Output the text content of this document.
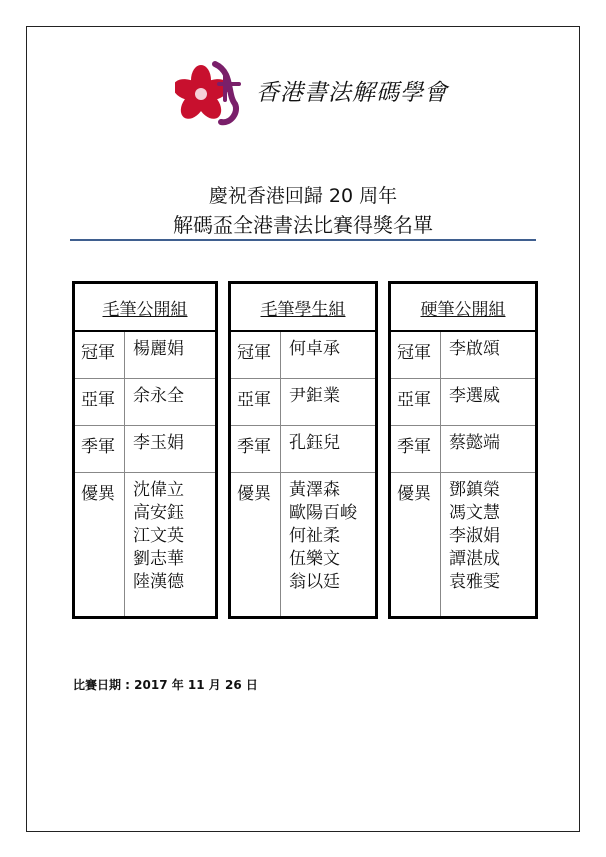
香港書法解碼學會
慶祝香港回歸 20 周年
解碼盃全港書法比賽得獎名單
毛筆公開組
冠軍	楊麗娟
亞軍	余永全
季軍	李玉娟
優異	沈偉立
高安鈺
江文英
劉志華
陸漢德
毛筆學生組
冠軍	何卓承
亞軍	尹鉅業
季軍	孔鈺兒
優異	黃澤森
歐陽百峻
何祉柔
伍樂文
翁以廷
硬筆公開組
冠軍	李啟頌
亞軍	李選威
季軍	蔡懿端
優異	鄧鎮榮
馮文慧
李淑娟
譚湛成
袁雅雯
比賽日期 : 2017 年 11 月 26 日
